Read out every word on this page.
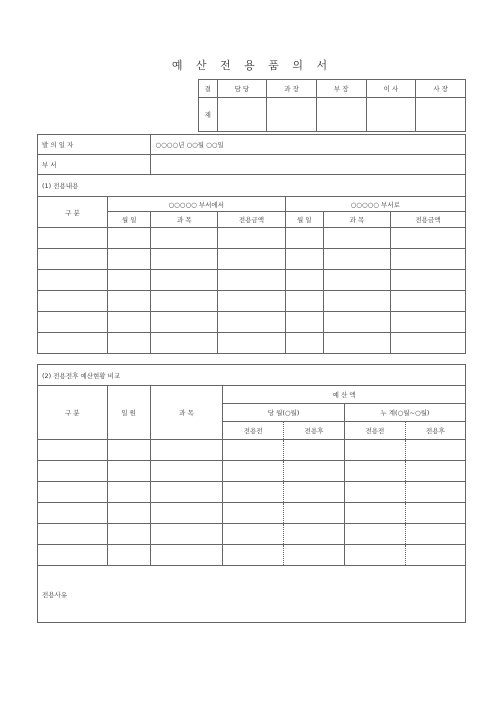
예 산 전 용 품 의 서
결	담 당	과 장	부 장	이 사	사 장
재					
발 의 일 자		○○○○년 ○○월 ○○일				
부 서						
(1) 전용내용						
구 분	○○○○○ 부서에서			○○○○○ 부서로		
	월 일	과 목	전용금액	월 일	과 목	전용금액

(2) 전용전후 예산현황 비교						
구 분	일 원	과 목	예 산 액			
			당 월(○월)		누 계(○월~○월)	
			전용전	전용후	전용전	전용후

전용사유						
